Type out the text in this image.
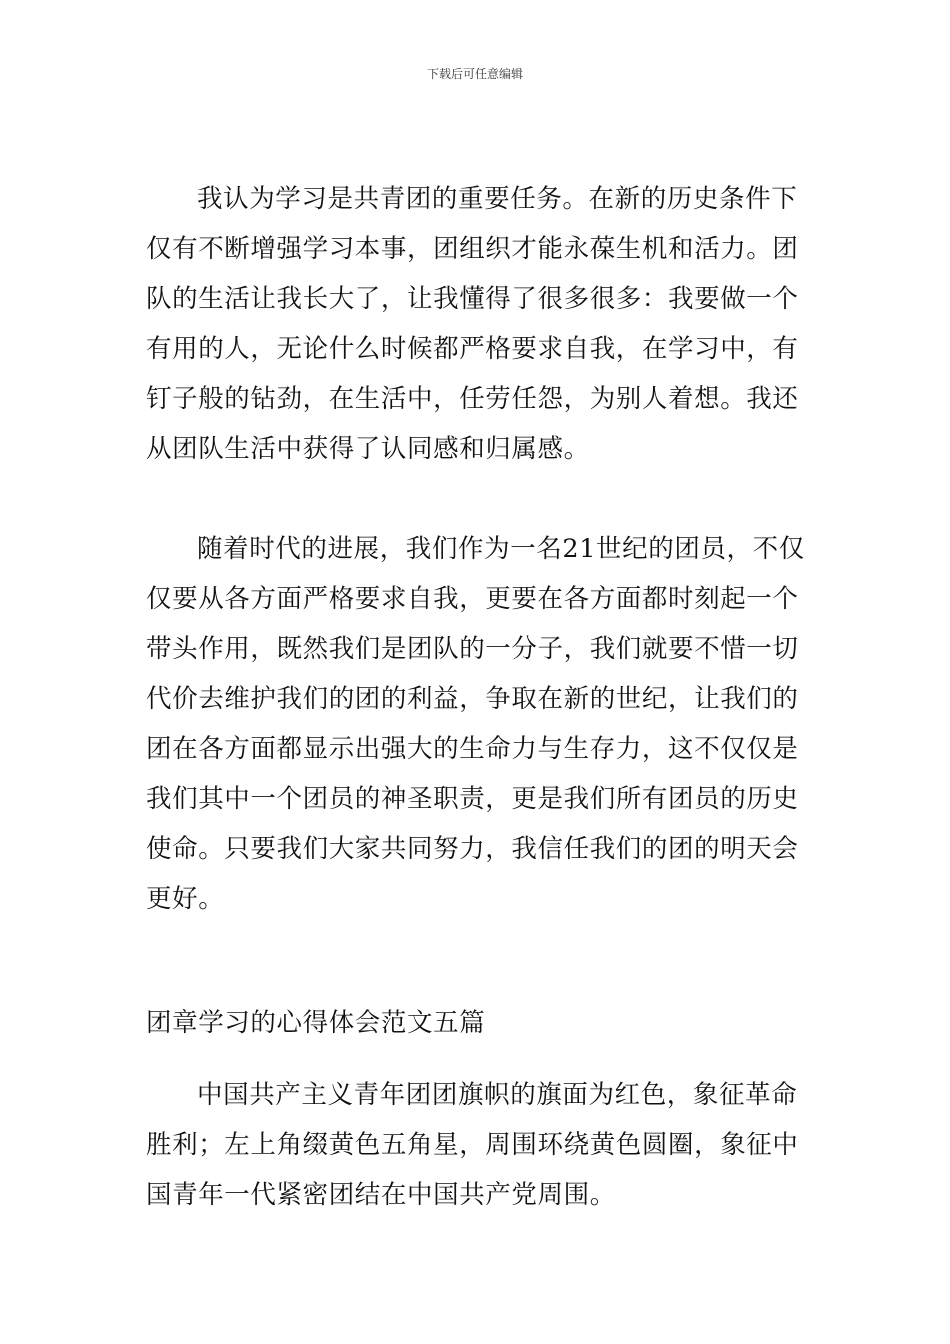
下载后可任意编辑

我认为学习是共青团的重要任务。在新的历史条件下仅有不断增强学习本事，团组织才能永葆生机和活力。团队的生活让我长大了，让我懂得了很多很多：我要做一个有用的人，无论什么时候都严格要求自我，在学习中，有钉子般的钻劲，在生活中，任劳任怨，为别人着想。我还从团队生活中获得了认同感和归属感。

随着时代的进展，我们作为一名21世纪的团员，不仅仅要从各方面严格要求自我，更要在各方面都时刻起一个带头作用，既然我们是团队的一分子，我们就要不惜一切代价去维护我们的团的利益，争取在新的世纪，让我们的团在各方面都显示出强大的生命力与生存力，这不仅仅是我们其中一个团员的神圣职责，更是我们所有团员的历史使命。只要我们大家共同努力，我信任我们的团的明天会更好。

团章学习的心得体会范文五篇

中国共产主义青年团团旗帜的旗面为红色，象征革命胜利；左上角缀黄色五角星，周围环绕黄色圆圈，象征中国青年一代紧密团结在中国共产党周围。
